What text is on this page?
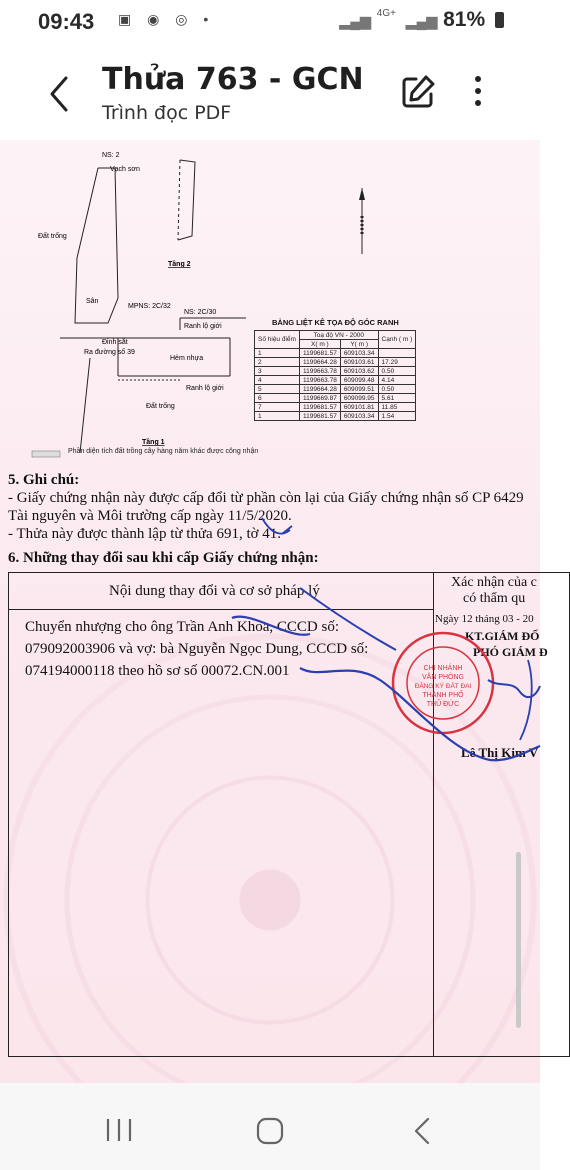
09:43 ▣ ◉ ◎ •	▂▄▆ $^{4G+}$ ▂▄▆ 81%
Thửa 763 - GCN
Trình đọc PDF
NS: 2
Vạch sơn
Đất trống
Sân
MPNS: 2C/32
NS: 2C/30
Ranh lộ giới
Đinh sắt
Ra đường số 39
Hẻm nhựa
Ranh lộ giới
Đất trống
Tầng 1
Tầng 2
Phần diện tích đất trồng cây hàng năm khác được công nhận
BẢNG LIỆT KÊ TỌA ĐỘ GÓC RANH
Số hiệu điểm	Toạ độ VN - 2000		Cạnh ( m )
	X( m )	Y( m )	
1	1199681.57	609103.34	
2	1199664.28	609103.61	17.29
3	1199663.78	609103.62	0.50
4	1199663.78	609099.48	4.14
5	1199664.28	609099.51	0.50
6	1199669.87	609099.95	5.61
7	1199681.57	609101.81	11.85
1	1199681.57	609103.34	1.54
5. Ghi chú:
- Giấy chứng nhận này được cấp đổi từ phần còn lại của Giấy chứng nhận số CP 6429
Tài nguyên và Môi trường cấp ngày 11/5/2020.
- Thửa này được thành lập từ thửa 691, tờ 41.
6. Những thay đổi sau khi cấp Giấy chứng nhận:
Nội dung thay đổi và cơ sở pháp lý
Xác nhận của c
có thẩm qu
Chuyển nhượng cho ông Trần Anh Khoa, CCCD số:
079092003906 và vợ: bà Nguyễn Ngọc Dung, CCCD số:
074194000118 theo hồ sơ số 00072.CN.001
Ngày 12 tháng 03 - 20
KT.GIÁM ĐỐ
PHÓ GIÁM Đ
Lê Thị Kim V
CHI NHÁNH
VĂN PHÒNG
ĐĂNG KÝ ĐẤT ĐAI
THÀNH PHỐ
THỦ ĐỨC
